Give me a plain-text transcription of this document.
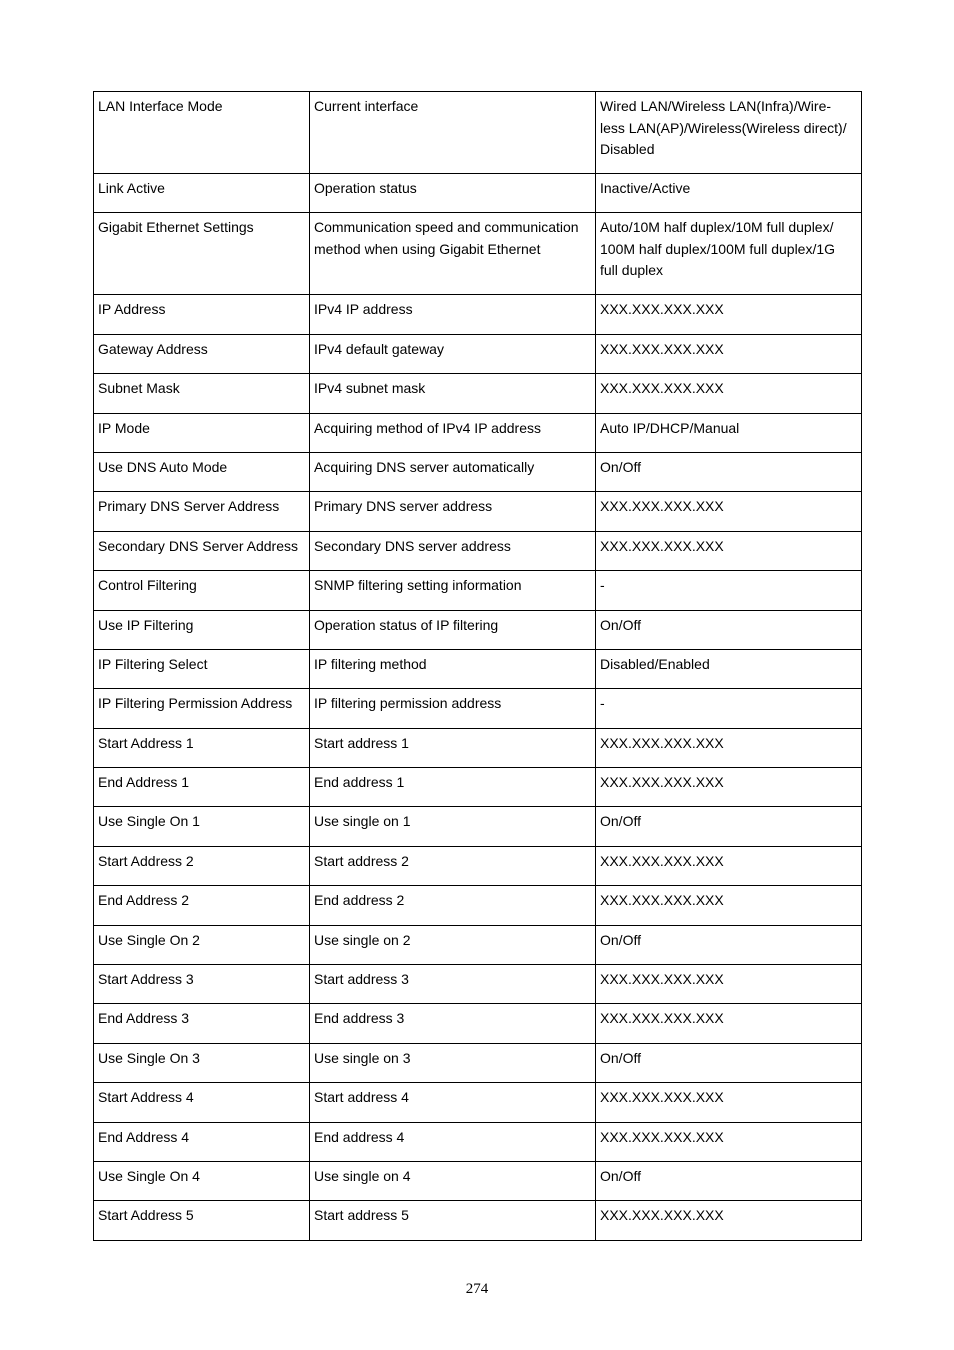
LAN Interface Mode	Current interface	Wired LAN/Wireless LAN(Infra)/Wire-
less LAN(AP)/Wireless(Wireless direct)/
Disabled
Link Active	Operation status	Inactive/Active
Gigabit Ethernet Settings	Communication speed and communication method when using Gigabit Ethernet	Auto/10M half duplex/10M full duplex/
100M half duplex/100M full duplex/1G
full duplex
IP Address	IPv4 IP address	XXX.XXX.XXX.XXX
Gateway Address	IPv4 default gateway	XXX.XXX.XXX.XXX
Subnet Mask	IPv4 subnet mask	XXX.XXX.XXX.XXX
IP Mode	Acquiring method of IPv4 IP address	Auto IP/DHCP/Manual
Use DNS Auto Mode	Acquiring DNS server automatically	On/Off
Primary DNS Server Address	Primary DNS server address	XXX.XXX.XXX.XXX
Secondary DNS Server Address	Secondary DNS server address	XXX.XXX.XXX.XXX
Control Filtering	SNMP filtering setting information	-
Use IP Filtering	Operation status of IP filtering	On/Off
IP Filtering Select	IP filtering method	Disabled/Enabled
IP Filtering Permission Address	IP filtering permission address	-
Start Address 1	Start address 1	XXX.XXX.XXX.XXX
End Address 1	End address 1	XXX.XXX.XXX.XXX
Use Single On 1	Use single on 1	On/Off
Start Address 2	Start address 2	XXX.XXX.XXX.XXX
End Address 2	End address 2	XXX.XXX.XXX.XXX
Use Single On 2	Use single on 2	On/Off
Start Address 3	Start address 3	XXX.XXX.XXX.XXX
End Address 3	End address 3	XXX.XXX.XXX.XXX
Use Single On 3	Use single on 3	On/Off
Start Address 4	Start address 4	XXX.XXX.XXX.XXX
End Address 4	End address 4	XXX.XXX.XXX.XXX
Use Single On 4	Use single on 4	On/Off
Start Address 5	Start address 5	XXX.XXX.XXX.XXX
274
